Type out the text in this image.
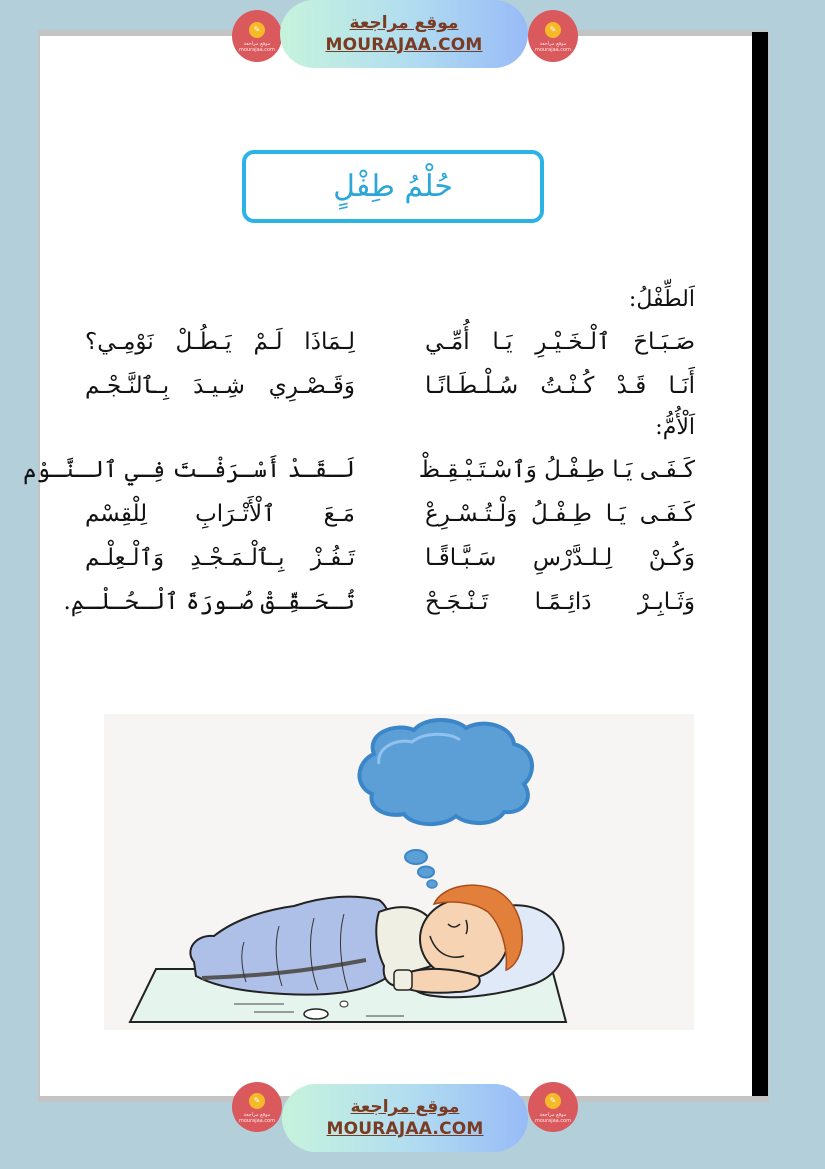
✎
موقع مراجعة mourajaa.com
موقع مراجعة
MOURAJAA.COM
✎
موقع مراجعة mourajaa.com
حُلْمُ طِفْلٍ
اَلطِّفْلُ:
صَـبَـاحَ ٱلْـخَـيْـرِ يَـا أُمِّـي
لِـمَاذَا لَـمْ يَـطُـلْ نَوْمِـي؟
أَنَـا قَـدْ كُـنْـتُ سُـلْـطَـانًـا
وَقَـصْـرِي شِـيـدَ بِـٱلنَّـجْـم
اَلْأُمُّ:
كَـفَـى يَـا طِـفْـلُ وَٱسْـتَـيْـقِـظْ
لَـقَـدْ أَسْـرَفْـتَ فِـي ٱلـنَّـوْم
كَـفَـى يَـا طِـفْـلُ وَلْـتُـسْـرِعْ
مَـعَ ٱلْأَتْـرَابِ لِلْقِسْم
وَكُـنْ لِـلـدَّرْسِ سَـبَّـاقًـا
تَـفُـزْ بِـٱلْـمَـجْـدِ وَٱلْـعِلْـم
وَثَـابِـرْ دَائِـمًـا تَـنْـجَـحْ
تُـحَـقِّـقْ صُـورَةَ ٱلْـحُـلْـمِ.
✎
موقع مراجعة mourajaa.com
موقع مراجعة
MOURAJAA.COM
✎
موقع مراجعة mourajaa.com
